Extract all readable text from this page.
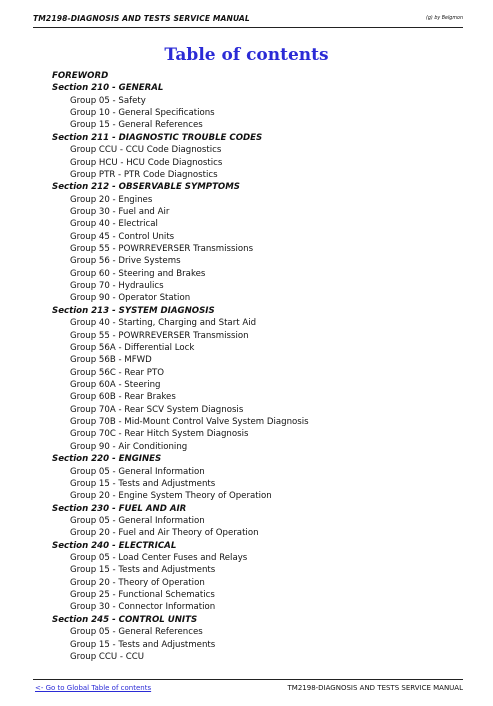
TM2198-DIAGNOSIS AND TESTS SERVICE MANUAL	(g) by Belgmon
Table of contents
FOREWORD
Section 210 - GENERAL
Group 05 - Safety
Group 10 - General Specifications
Group 15 - General References
Section 211 - DIAGNOSTIC TROUBLE CODES
Group CCU - CCU Code Diagnostics
Group HCU - HCU Code Diagnostics
Group PTR - PTR Code Diagnostics
Section 212 - OBSERVABLE SYMPTOMS
Group 20 - Engines
Group 30 - Fuel and Air
Group 40 - Electrical
Group 45 - Control Units
Group 55 - POWRREVERSER Transmissions
Group 56 - Drive Systems
Group 60 - Steering and Brakes
Group 70 - Hydraulics
Group 90 - Operator Station
Section 213 - SYSTEM DIAGNOSIS
Group 40 - Starting, Charging and Start Aid
Group 55 - POWRREVERSER Transmission
Group 56A - Differential Lock
Group 56B - MFWD
Group 56C - Rear PTO
Group 60A - Steering
Group 60B - Rear Brakes
Group 70A - Rear SCV System Diagnosis
Group 70B - Mid-Mount Control Valve System Diagnosis
Group 70C - Rear Hitch System Diagnosis
Group 90 - Air Conditioning
Section 220 - ENGINES
Group 05 - General Information
Group 15 - Tests and Adjustments
Group 20 - Engine System Theory of Operation
Section 230 - FUEL AND AIR
Group 05 - General Information
Group 20 - Fuel and Air Theory of Operation
Section 240 - ELECTRICAL
Group 05 - Load Center Fuses and Relays
Group 15 - Tests and Adjustments
Group 20 - Theory of Operation
Group 25 - Functional Schematics
Group 30 - Connector Information
Section 245 - CONTROL UNITS
Group 05 - General References
Group 15 - Tests and Adjustments
Group CCU - CCU
<- Go to Global Table of contents	TM2198-DIAGNOSIS AND TESTS SERVICE MANUAL
